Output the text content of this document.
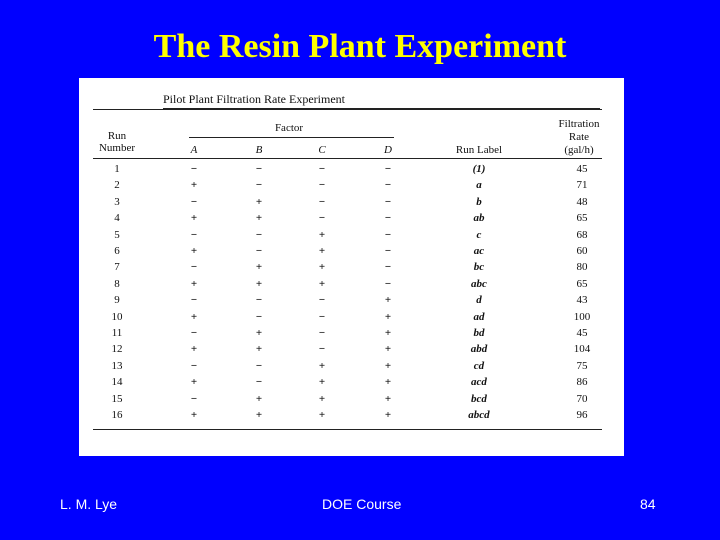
The Resin Plant Experiment
Pilot Plant Filtration Rate Experiment
Run
Number
Factor
A	B	C	D	Run Label
Filtration
Rate
(gal/h)
1	−	−	−	−	(1)	45
2	+	−	−	−	a	71
3	−	+	−	−	b	48
4	+	+	−	−	ab	65
5	−	−	+	−	c	68
6	+	−	+	−	ac	60
7	−	+	+	−	bc	80
8	+	+	+	−	abc	65
9	−	−	−	+	d	43
10	+	−	−	+	ad	100
11	−	+	−	+	bd	45
12	+	+	−	+	abd	104
13	−	−	+	+	cd	75
14	+	−	+	+	acd	86
15	−	+	+	+	bcd	70
16	+	+	+	+	abcd	96
L. M. Lye	DOE Course	84
